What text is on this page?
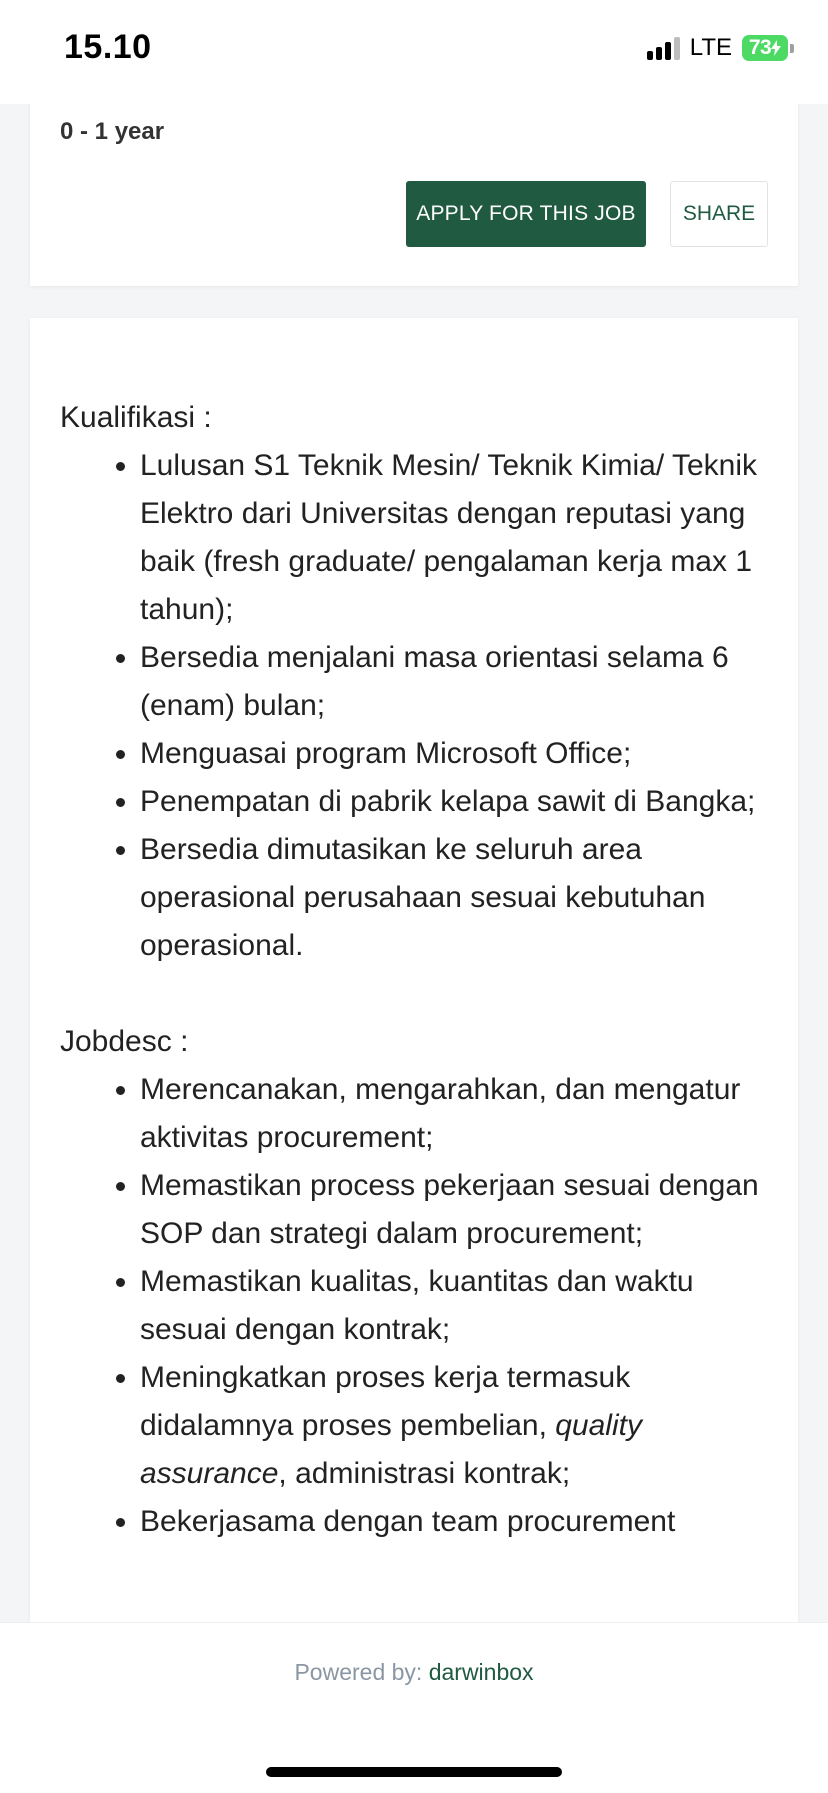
15.10	LTE 73
0 - 1 year
APPLY FOR THIS JOB	SHARE

Kualifikasi :

• Lulusan S1 Teknik Mesin/ Teknik Kimia/ Teknik Elektro dari Universitas dengan reputasi yang baik (fresh graduate/ pengalaman kerja max 1 tahun);
• Bersedia menjalani masa orientasi selama 6 (enam) bulan;
• Menguasai program Microsoft Office;
• Penempatan di pabrik kelapa sawit di Bangka;
• Bersedia dimutasikan ke seluruh area operasional perusahaan sesuai kebutuhan operasional.

Jobdesc :

• Merencanakan, mengarahkan, dan mengatur aktivitas procurement;
• Memastikan process pekerjaan sesuai dengan SOP dan strategi dalam procurement;
• Memastikan kualitas, kuantitas dan waktu sesuai dengan kontrak;
• Meningkatkan proses kerja termasuk didalamnya proses pembelian, quality assurance, administrasi kontrak;
• Bekerjasama dengan team procurement
Powered by: darwinbox
